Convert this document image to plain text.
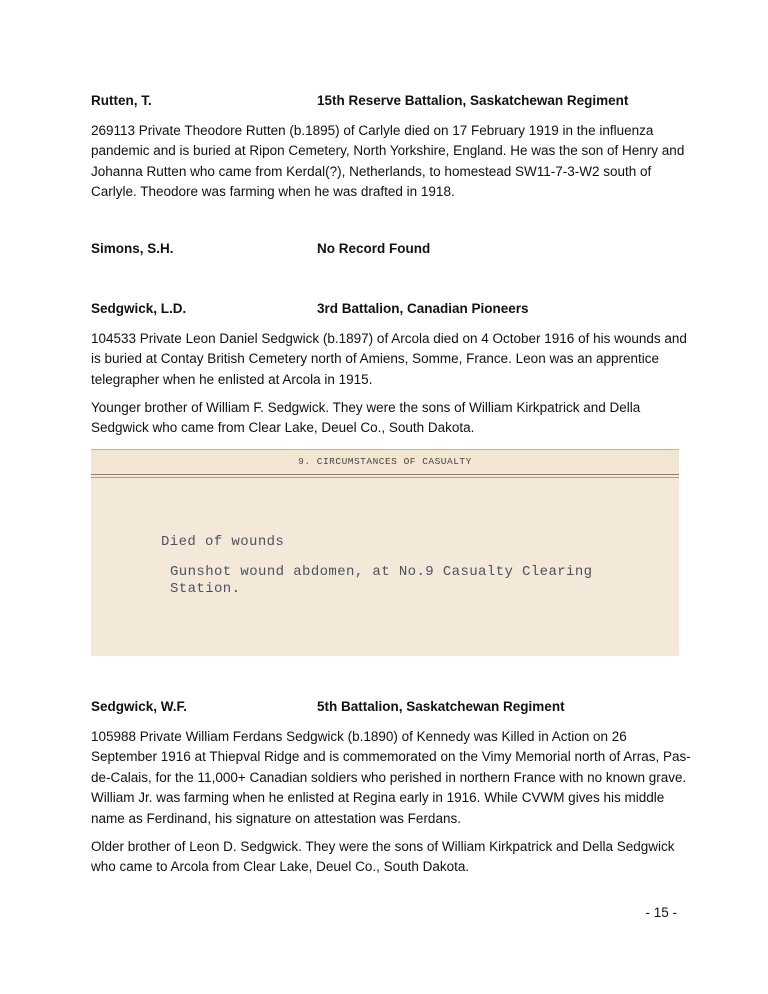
Rutten, T.	15th Reserve Battalion, Saskatchewan Regiment

269113 Private Theodore Rutten (b.1895) of Carlyle died on 17 February 1919 in the influenza pandemic and is buried at Ripon Cemetery, North Yorkshire, England. He was the son of Henry and Johanna Rutten who came from Kerdal(?), Netherlands, to homestead SW11-7-3-W2 south of Carlyle. Theodore was farming when he was drafted in 1918.

Simons, S.H.	No Record Found
Sedgwick, L.D.	3rd Battalion, Canadian Pioneers

104533 Private Leon Daniel Sedgwick (b.1897) of Arcola died on 4 October 1916 of his wounds and is buried at Contay British Cemetery north of Amiens, Somme, France. Leon was an apprentice telegrapher when he enlisted at Arcola in 1915.

Younger brother of William F. Sedgwick. They were the sons of William Kirkpatrick and Della Sedgwick who came from Clear Lake, Deuel Co., South Dakota.

9. CIRCUMSTANCES OF CASUALTY
Died of wounds
Gunshot wound abdomen, at No.9 Casualty Clearing
Station.
Sedgwick, W.F.	5th Battalion, Saskatchewan Regiment

105988 Private William Ferdans Sedgwick (b.1890) of Kennedy was Killed in Action on 26 September 1916 at Thiepval Ridge and is commemorated on the Vimy Memorial north of Arras, Pas-de-Calais, for the 11,000+ Canadian soldiers who perished in northern France with no known grave. William Jr. was farming when he enlisted at Regina early in 1916. While CVWM gives his middle name as Ferdinand, his signature on attestation was Ferdans.

Older brother of Leon D. Sedgwick. They were the sons of William Kirkpatrick and Della Sedgwick who came to Arcola from Clear Lake, Deuel Co., South Dakota.

- 15 -
